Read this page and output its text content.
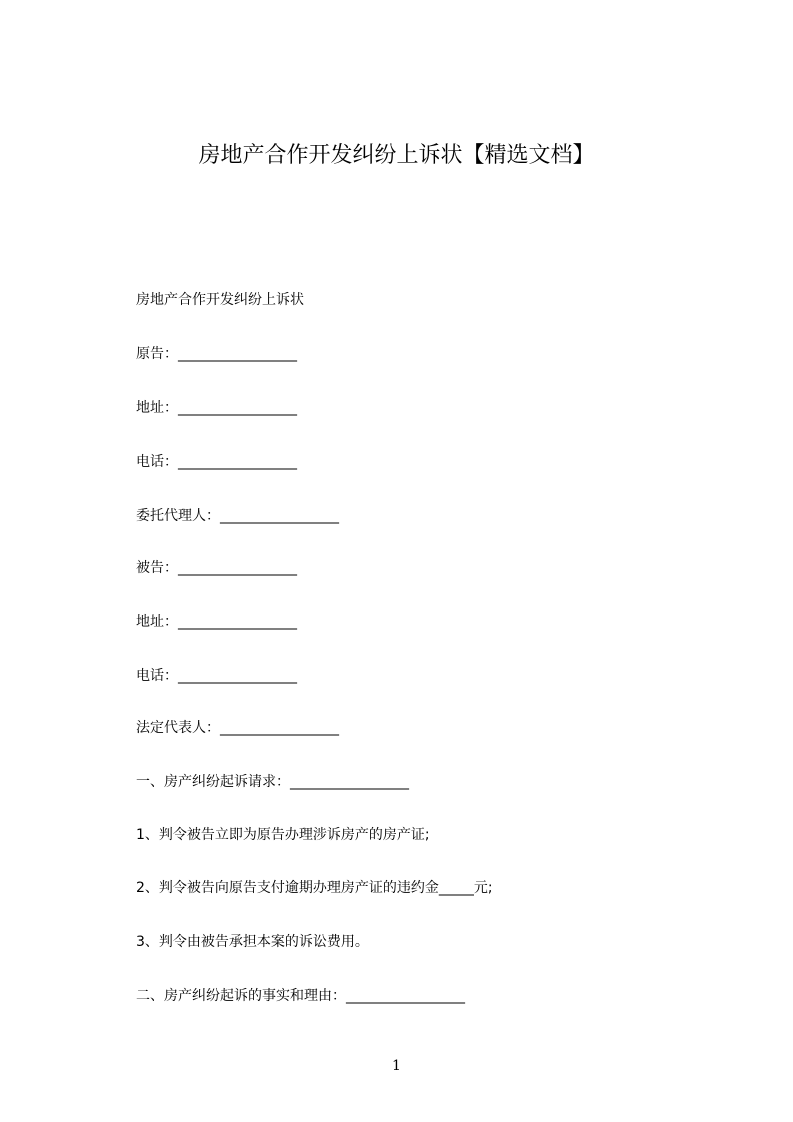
房地产合作开发纠纷上诉状【精选文档】
房地产合作开发纠纷上诉状
原告：_________________
地址：_________________
电话：_________________
委托代理人：_________________
被告：_________________
地址：_________________
电话：_________________
法定代表人：_________________
一、房产纠纷起诉请求：_________________
1、判令被告立即为原告办理涉诉房产的房产证;
2、判令被告向原告支付逾期办理房产证的违约金_____元;
3、判令由被告承担本案的诉讼费用。
二、房产纠纷起诉的事实和理由：_________________
1
